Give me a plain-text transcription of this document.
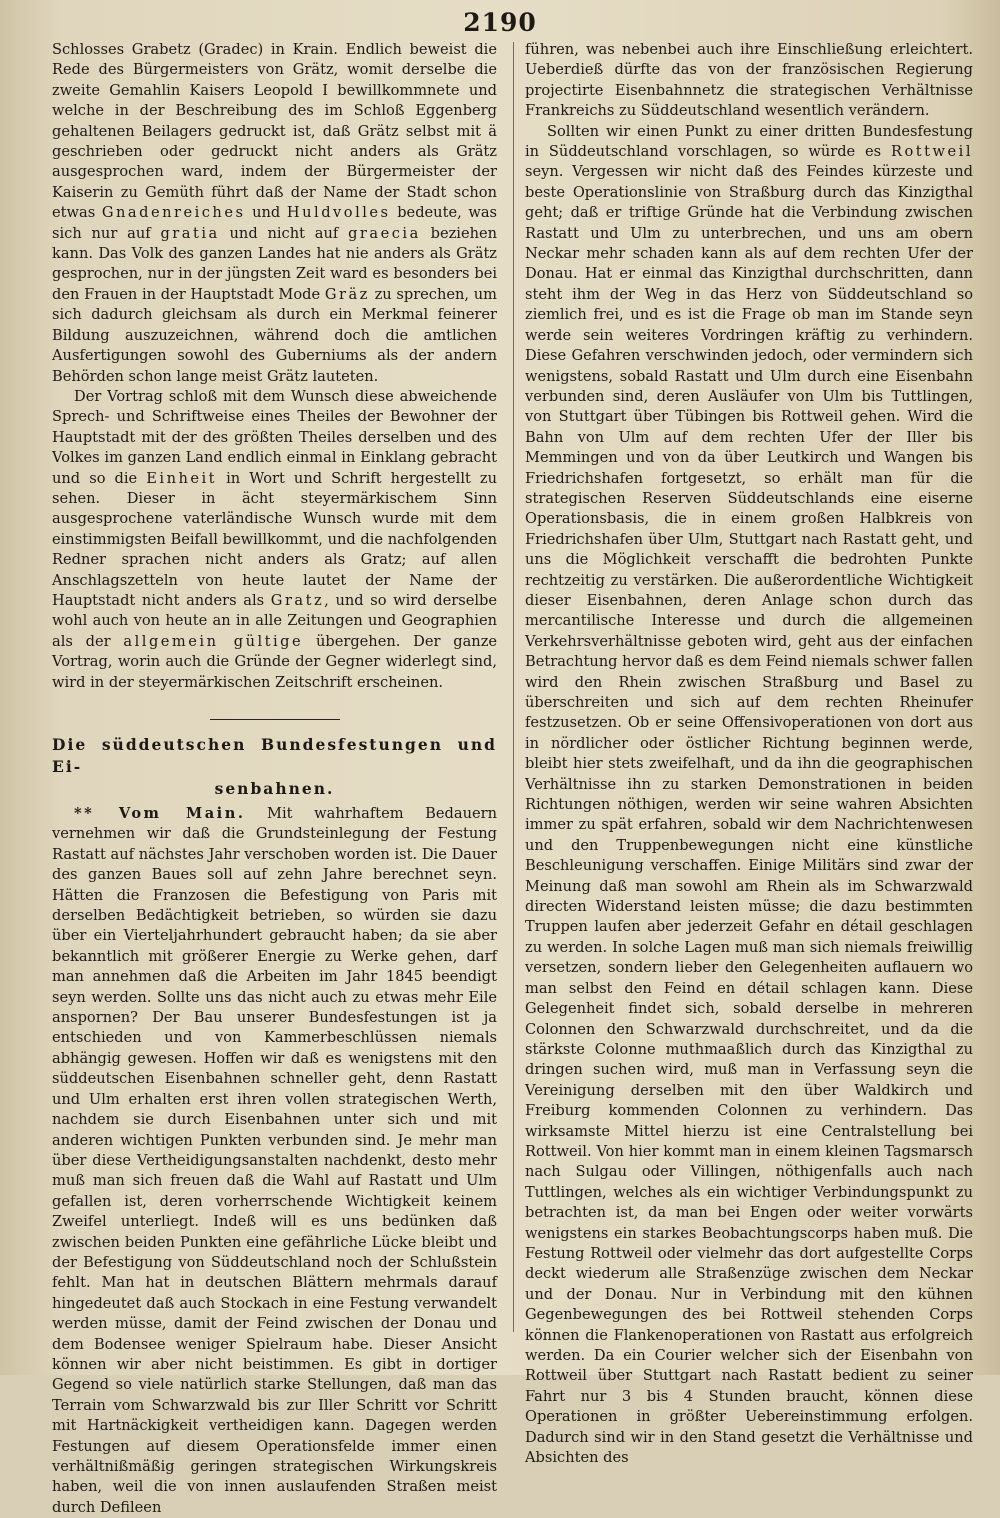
2190

Schlosses Grabetz (Gradec) in Krain. Endlich beweist die Rede des Bürgermeisters von Grätz, womit derselbe die zweite Gemahlin Kaisers Leopold I bewillkommnete und welche in der Beschreibung des im Schloß Eggenberg gehaltenen Beilagers gedruckt ist, daß Grätz selbst mit ä geschrieben oder gedruckt nicht anders als Grätz ausgesprochen ward, indem der Bürgermeister der Kaiserin zu Gemüth führt daß der Name der Stadt schon etwas Gnadenreiches und Huldvolles bedeute, was sich nur auf gratia und nicht auf graecia beziehen kann. Das Volk des ganzen Landes hat nie anders als Grätz gesprochen, nur in der jüngsten Zeit ward es besonders bei den Frauen in der Hauptstadt Mode Gräz zu sprechen, um sich dadurch gleichsam als durch ein Merkmal feinerer Bildung auszuzeichnen, während doch die amtlichen Ausfertigungen sowohl des Guberniums als der andern Behörden schon lange meist Grätz lauteten.

Der Vortrag schloß mit dem Wunsch diese abweichende Sprech- und Schriftweise eines Theiles der Bewohner der Hauptstadt mit der des größten Theiles derselben und des Volkes im ganzen Land endlich einmal in Einklang gebracht und so die Einheit in Wort und Schrift hergestellt zu sehen. Dieser in ächt steyermärkischem Sinn ausgesprochene vaterländische Wunsch wurde mit dem einstimmigsten Beifall bewillkommt, und die nachfolgenden Redner sprachen nicht anders als Gratz; auf allen Anschlagszetteln von heute lautet der Name der Hauptstadt nicht anders als Gratz, und so wird derselbe wohl auch von heute an in alle Zeitungen und Geographien als der allgemein gültige übergehen. Der ganze Vortrag, worin auch die Gründe der Gegner widerlegt sind, wird in der steyermärkischen Zeitschrift erscheinen.

Die süddeutschen Bundesfestungen und Ei-
senbahnen.

** Vom Main. Mit wahrhaftem Bedauern vernehmen wir daß die Grundsteinlegung der Festung Rastatt auf nächstes Jahr verschoben worden ist. Die Dauer des ganzen Baues soll auf zehn Jahre berechnet seyn. Hätten die Franzosen die Befestigung von Paris mit derselben Bedächtigkeit betrieben, so würden sie dazu über ein Vierteljahrhundert gebraucht haben; da sie aber bekanntlich mit größerer Energie zu Werke gehen, darf man annehmen daß die Arbeiten im Jahr 1845 beendigt seyn werden. Sollte uns das nicht auch zu etwas mehr Eile anspornen? Der Bau unserer Bundesfestungen ist ja entschieden und von Kammerbeschlüssen niemals abhängig gewesen. Hoffen wir daß es wenigstens mit den süddeutschen Eisenbahnen schneller geht, denn Rastatt und Ulm erhalten erst ihren vollen strategischen Werth, nachdem sie durch Eisenbahnen unter sich und mit anderen wichtigen Punkten verbunden sind. Je mehr man über diese Vertheidigungsanstalten nachdenkt, desto mehr muß man sich freuen daß die Wahl auf Rastatt und Ulm gefallen ist, deren vorherrschende Wichtigkeit keinem Zweifel unterliegt. Indeß will es uns bedünken daß zwischen beiden Punkten eine gefährliche Lücke bleibt und der Befestigung von Süddeutschland noch der Schlußstein fehlt. Man hat in deutschen Blättern mehrmals darauf hingedeutet daß auch Stockach in eine Festung verwandelt werden müsse, damit der Feind zwischen der Donau und dem Bodensee weniger Spielraum habe. Dieser Ansicht können wir aber nicht beistimmen. Es gibt in dortiger Gegend so viele natürlich starke Stellungen, daß man das Terrain vom Schwarzwald bis zur Iller Schritt vor Schritt mit Hartnäckigkeit vertheidigen kann. Dagegen werden Festungen auf diesem Operationsfelde immer einen verhältnißmäßig geringen strategischen Wirkungskreis haben, weil die von innen auslaufenden Straßen meist durch Defileen

führen, was nebenbei auch ihre Einschließung erleichtert. Ueberdieß dürfte das von der französischen Regierung projectirte Eisenbahnnetz die strategischen Verhältnisse Frankreichs zu Süddeutschland wesentlich verändern.

Sollten wir einen Punkt zu einer dritten Bundesfestung in Süddeutschland vorschlagen, so würde es Rottweil seyn. Vergessen wir nicht daß des Feindes kürzeste und beste Operationslinie von Straßburg durch das Kinzigthal geht; daß er triftige Gründe hat die Verbindung zwischen Rastatt und Ulm zu unterbrechen, und uns am obern Neckar mehr schaden kann als auf dem rechten Ufer der Donau. Hat er einmal das Kinzigthal durchschritten, dann steht ihm der Weg in das Herz von Süddeutschland so ziemlich frei, und es ist die Frage ob man im Stande seyn werde sein weiteres Vordringen kräftig zu verhindern. Diese Gefahren verschwinden jedoch, oder vermindern sich wenigstens, sobald Rastatt und Ulm durch eine Eisenbahn verbunden sind, deren Ausläufer von Ulm bis Tuttlingen, von Stuttgart über Tübingen bis Rottweil gehen. Wird die Bahn von Ulm auf dem rechten Ufer der Iller bis Memmingen und von da über Leutkirch und Wangen bis Friedrichshafen fortgesetzt, so erhält man für die strategischen Reserven Süddeutschlands eine eiserne Operationsbasis, die in einem großen Halbkreis von Friedrichshafen über Ulm, Stuttgart nach Rastatt geht, und uns die Möglichkeit verschafft die bedrohten Punkte rechtzeitig zu verstärken. Die außerordentliche Wichtigkeit dieser Eisenbahnen, deren Anlage schon durch das mercantilische Interesse und durch die allgemeinen Verkehrsverhältnisse geboten wird, geht aus der einfachen Betrachtung hervor daß es dem Feind niemals schwer fallen wird den Rhein zwischen Straßburg und Basel zu überschreiten und sich auf dem rechten Rheinufer festzusetzen. Ob er seine Offensivoperationen von dort aus in nördlicher oder östlicher Richtung beginnen werde, bleibt hier stets zweifelhaft, und da ihn die geographischen Verhältnisse ihn zu starken Demonstrationen in beiden Richtungen nöthigen, werden wir seine wahren Absichten immer zu spät erfahren, sobald wir dem Nachrichtenwesen und den Truppenbewegungen nicht eine künstliche Beschleunigung verschaffen. Einige Militärs sind zwar der Meinung daß man sowohl am Rhein als im Schwarzwald directen Widerstand leisten müsse; die dazu bestimmten Truppen laufen aber jederzeit Gefahr en détail geschlagen zu werden. In solche Lagen muß man sich niemals freiwillig versetzen, sondern lieber den Gelegenheiten auflauern wo man selbst den Feind en détail schlagen kann. Diese Gelegenheit findet sich, sobald derselbe in mehreren Colonnen den Schwarzwald durchschreitet, und da die stärkste Colonne muthmaaßlich durch das Kinzigthal zu dringen suchen wird, muß man in Verfassung seyn die Vereinigung derselben mit den über Waldkirch und Freiburg kommenden Colonnen zu verhindern. Das wirksamste Mittel hierzu ist eine Centralstellung bei Rottweil. Von hier kommt man in einem kleinen Tagsmarsch nach Sulgau oder Villingen, nöthigenfalls auch nach Tuttlingen, welches als ein wichtiger Verbindungspunkt zu betrachten ist, da man bei Engen oder weiter vorwärts wenigstens ein starkes Beobachtungscorps haben muß. Die Festung Rottweil oder vielmehr das dort aufgestellte Corps deckt wiederum alle Straßenzüge zwischen dem Neckar und der Donau. Nur in Verbindung mit den kühnen Gegenbewegungen des bei Rottweil stehenden Corps können die Flankenoperationen von Rastatt aus erfolgreich werden. Da ein Courier welcher sich der Eisenbahn von Rottweil über Stuttgart nach Rastatt bedient zu seiner Fahrt nur 3 bis 4 Stunden braucht, können diese Operationen in größter Uebereinstimmung erfolgen. Dadurch sind wir in den Stand gesetzt die Verhältnisse und Absichten des
